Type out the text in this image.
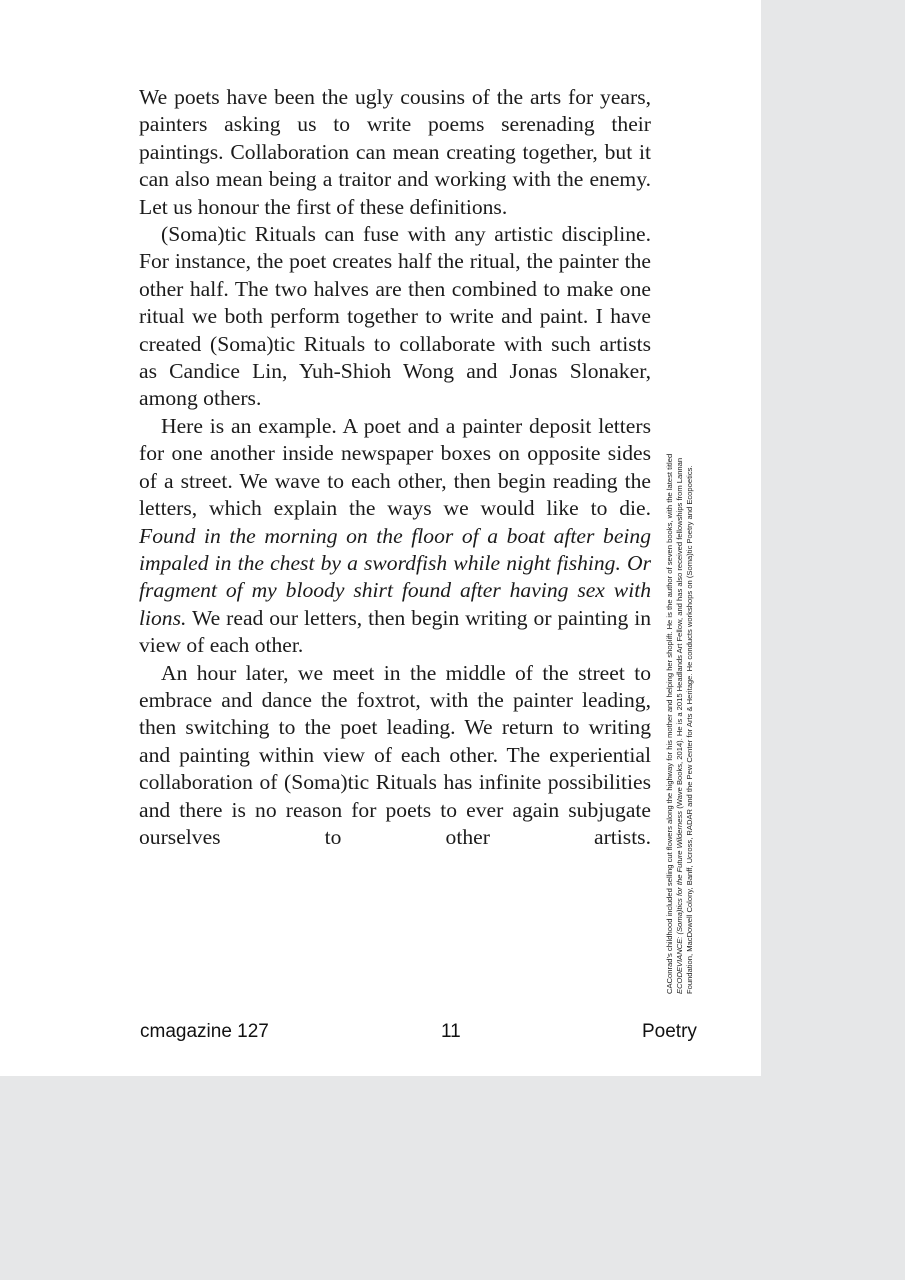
We poets have been the ugly cousins of the arts for years, painters asking us to write poems serenading their paintings. Collaboration can mean creating together, but it can also mean being a traitor and working with the enemy. Let us honour the first of these definitions.

(Soma)tic Rituals can fuse with any artistic discipline. For instance, the poet creates half the ritual, the painter the other half. The two halves are then combined to make one ritual we both perform together to write and paint. I have created (Soma)tic Rituals to collaborate with such artists as Candice Lin, Yuh-Shioh Wong and Jonas Slonaker, among others.

Here is an example. A poet and a painter deposit letters for one another inside newspaper boxes on opposite sides of a street. We wave to each other, then begin reading the letters, which explain the ways we would like to die. Found in the morning on the floor of a boat after being impaled in the chest by a swordfish while night fishing. Or fragment of my bloody shirt found after having sex with lions. We read our letters, then begin writing or painting in view of each other.

An hour later, we meet in the middle of the street to embrace and dance the foxtrot, with the painter leading, then switching to the poet leading. We return to writing and painting within view of each other. The experiential collaboration of (Soma)tic Rituals has infinite possibilities and there is no reason for poets to ever again subjugate ourselves to other artists. CAConrad’s childhood included selling cut flowers along the highway for his mother and helping her shoplift. He is the author of seven books, with the latest titled ECODEVIANCE: (Soma)tics for the Future Wilderness (Wave Books, 2014). He is a 2015 Headlands Art Fellow, and has also received fellowships from Lannan Foundation, MacDowell Colony, Banff, Ucross, RADAR and the Pew Center for Arts & Heritage. He conducts workshops on (Soma)tic Poetry and Ecopoetics.
cmagazine 127	11	Poetry
